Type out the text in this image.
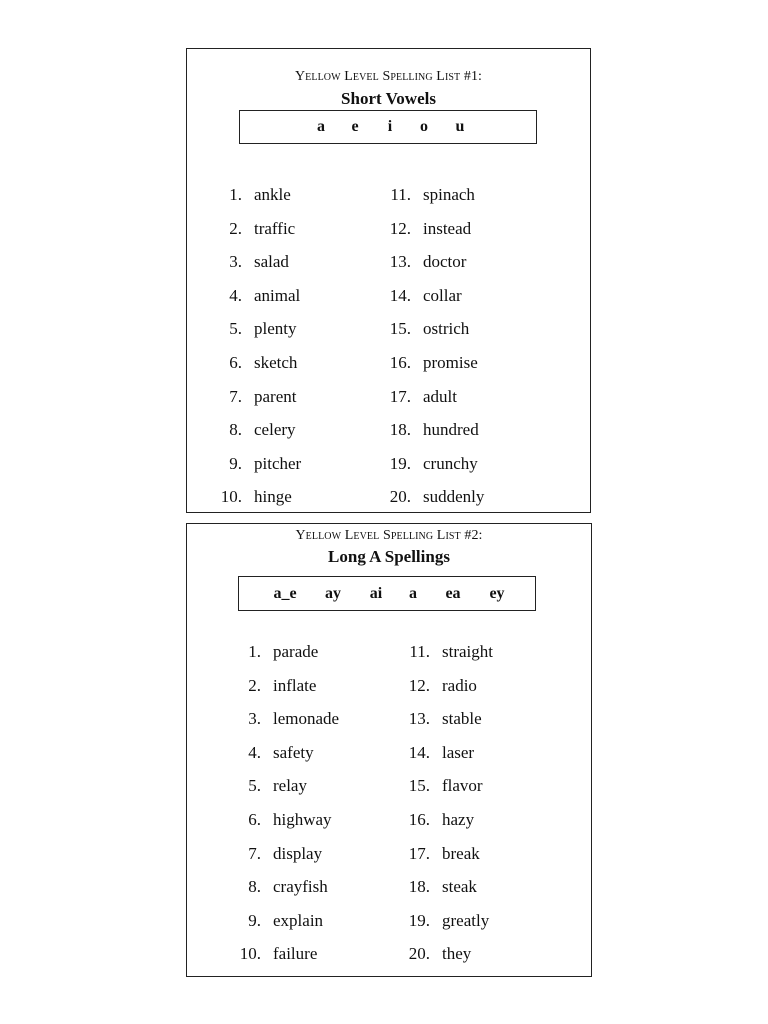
Yellow Level Spelling List #1:
Short Vowels
a	e	i	o	u
1. ankle
2. traffic
3. salad
4. animal
5. plenty
6. sketch
7. parent
8. celery
9. pitcher
10. hinge
11. spinach
12. instead
13. doctor
14. collar
15. ostrich
16. promise
17. adult
18. hundred
19. crunchy
20. suddenly
Yellow Level Spelling List #2:
Long A Spellings
a_e	ay	ai	a	ea	ey
1. parade
2. inflate
3. lemonade
4. safety
5. relay
6. highway
7. display
8. crayfish
9. explain
10. failure
11. straight
12. radio
13. stable
14. laser
15. flavor
16. hazy
17. break
18. steak
19. greatly
20. they
